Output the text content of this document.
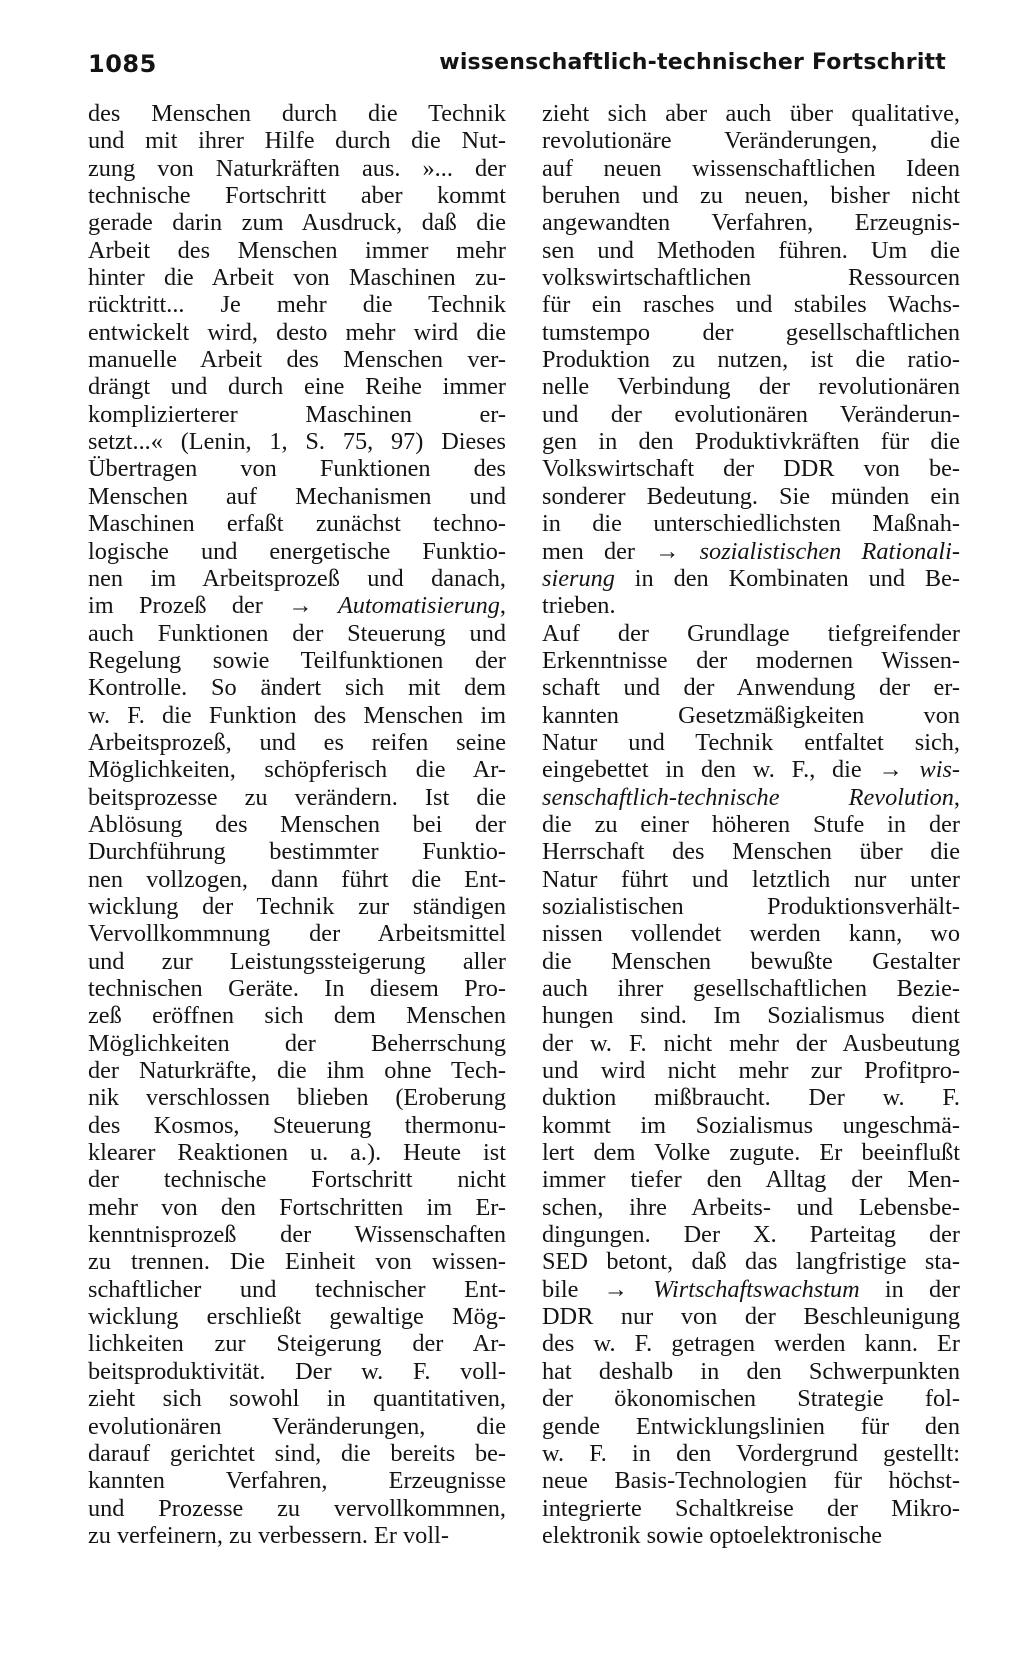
1085	wissenschaftlich-technischer Fortschritt
des Menschen durch die Technik
und mit ihrer Hilfe durch die Nut-
zung von Naturkräften aus. »... der
technische Fortschritt aber kommt
gerade darin zum Ausdruck, daß die
Arbeit des Menschen immer mehr
hinter die Arbeit von Maschinen zu-
rücktritt... Je mehr die Technik
entwickelt wird, desto mehr wird die
manuelle Arbeit des Menschen ver-
drängt und durch eine Reihe immer
komplizierterer Maschinen er-
setzt...« (Lenin, 1, S. 75, 97) Dieses
Übertragen von Funktionen des
Menschen auf Mechanismen und
Maschinen erfaßt zunächst techno-
logische und energetische Funktio-
nen im Arbeitsprozeß und danach,
im Prozeß der → Automatisierung,
auch Funktionen der Steuerung und
Regelung sowie Teilfunktionen der
Kontrolle. So ändert sich mit dem
w. F. die Funktion des Menschen im
Arbeitsprozeß, und es reifen seine
Möglichkeiten, schöpferisch die Ar-
beitsprozesse zu verändern. Ist die
Ablösung des Menschen bei der
Durchführung bestimmter Funktio-
nen vollzogen, dann führt die Ent-
wicklung der Technik zur ständigen
Vervollkommnung der Arbeitsmittel
und zur Leistungssteigerung aller
technischen Geräte. In diesem Pro-
zeß eröffnen sich dem Menschen
Möglichkeiten der Beherrschung
der Naturkräfte, die ihm ohne Tech-
nik verschlossen blieben (Eroberung
des Kosmos, Steuerung thermonu-
klearer Reaktionen u. a.). Heute ist
der technische Fortschritt nicht
mehr von den Fortschritten im Er-
kenntnisprozeß der Wissenschaften
zu trennen. Die Einheit von wissen-
schaftlicher und technischer Ent-
wicklung erschließt gewaltige Mög-
lichkeiten zur Steigerung der Ar-
beitsproduktivität. Der w. F. voll-
zieht sich sowohl in quantitativen,
evolutionären Veränderungen, die
darauf gerichtet sind, die bereits be-
kannten Verfahren, Erzeugnisse
und Prozesse zu vervollkommnen,
zu verfeinern, zu verbessern. Er voll-
zieht sich aber auch über qualitative,
revolutionäre Veränderungen, die
auf neuen wissenschaftlichen Ideen
beruhen und zu neuen, bisher nicht
angewandten Verfahren, Erzeugnis-
sen und Methoden führen. Um die
volkswirtschaftlichen Ressourcen
für ein rasches und stabiles Wachs-
tumstempo der gesellschaftlichen
Produktion zu nutzen, ist die ratio-
nelle Verbindung der revolutionären
und der evolutionären Veränderun-
gen in den Produktivkräften für die
Volkswirtschaft der DDR von be-
sonderer Bedeutung. Sie münden ein
in die unterschiedlichsten Maßnah-
men der → sozialistischen Rationali-
sierung in den Kombinaten und Be-
trieben.
Auf der Grundlage tiefgreifender
Erkenntnisse der modernen Wissen-
schaft und der Anwendung der er-
kannten Gesetzmäßigkeiten von
Natur und Technik entfaltet sich,
eingebettet in den w. F., die → wis-
senschaftlich-technische Revolution,
die zu einer höheren Stufe in der
Herrschaft des Menschen über die
Natur führt und letztlich nur unter
sozialistischen Produktionsverhält-
nissen vollendet werden kann, wo
die Menschen bewußte Gestalter
auch ihrer gesellschaftlichen Bezie-
hungen sind. Im Sozialismus dient
der w. F. nicht mehr der Ausbeutung
und wird nicht mehr zur Profitpro-
duktion mißbraucht. Der w. F.
kommt im Sozialismus ungeschmä-
lert dem Volke zugute. Er beeinflußt
immer tiefer den Alltag der Men-
schen, ihre Arbeits- und Lebensbe-
dingungen. Der X. Parteitag der
SED betont, daß das langfristige sta-
bile → Wirtschaftswachstum in der
DDR nur von der Beschleunigung
des w. F. getragen werden kann. Er
hat deshalb in den Schwerpunkten
der ökonomischen Strategie fol-
gende Entwicklungslinien für den
w. F. in den Vordergrund gestellt:
neue Basis-Technologien für höchst-
integrierte Schaltkreise der Mikro-
elektronik sowie optoelektronische
